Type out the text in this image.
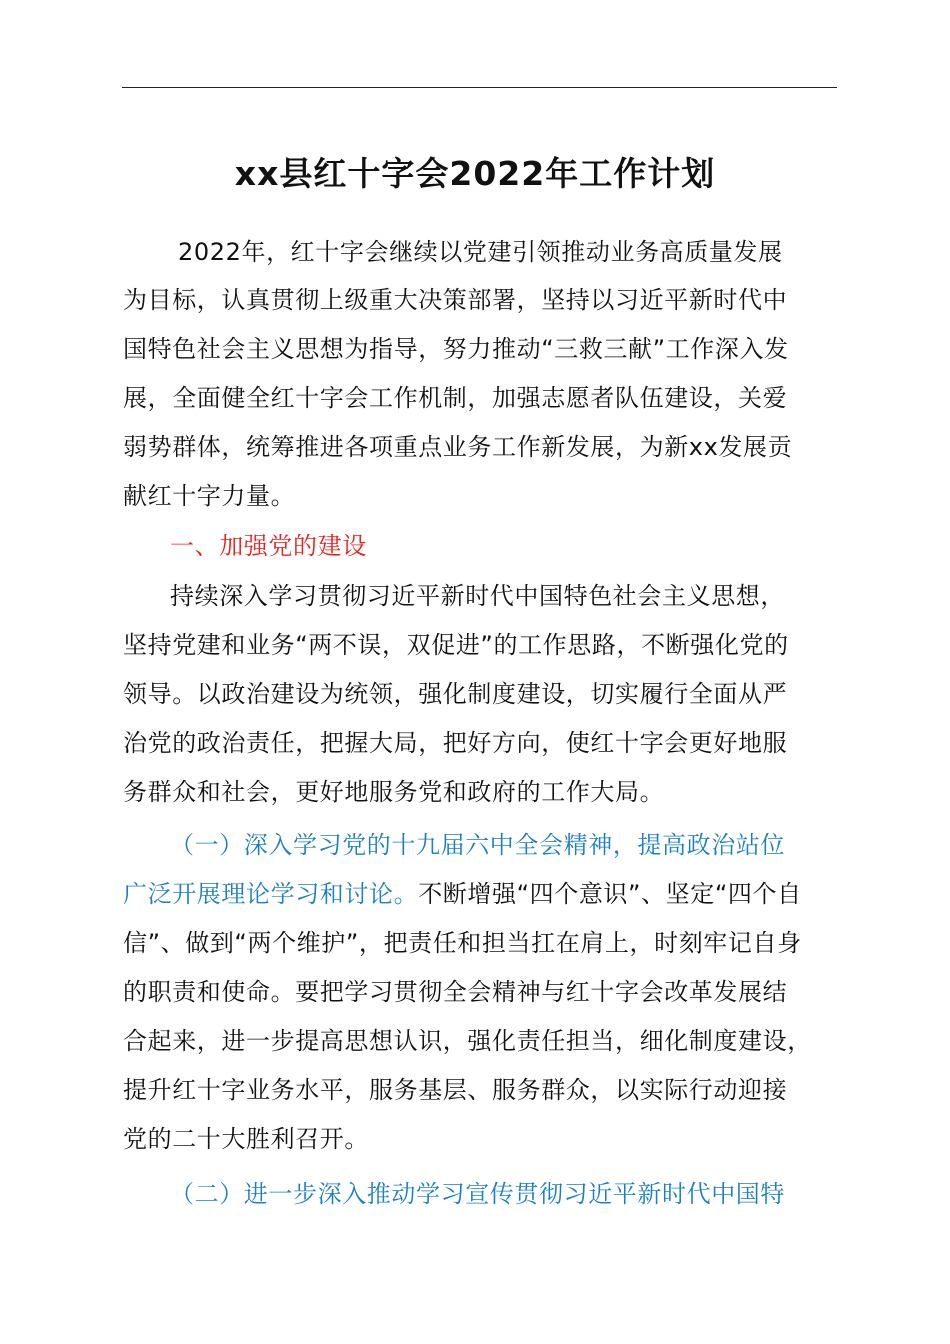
xx县红十字会2022年工作计划

2022年，红十字会继续以党建引领推动业务高质量发展

为目标，认真贯彻上级重大决策部署，坚持以习近平新时代中

国特色社会主义思想为指导，努力推动“三救三献”工作深入发

展，全面健全红十字会工作机制，加强志愿者队伍建设，关爱

弱势群体，统筹推进各项重点业务工作新发展，为新xx发展贡

献红十字力量。

一、加强党的建设

持续深入学习贯彻习近平新时代中国特色社会主义思想，

坚持党建和业务“两不误，双促进”的工作思路，不断强化党的

领导。以政治建设为统领，强化制度建设，切实履行全面从严

治党的政治责任，把握大局，把好方向，使红十字会更好地服

务群众和社会，更好地服务党和政府的工作大局。

（一）深入学习党的十九届六中全会精神，提高政治站位

广泛开展理论学习和讨论。不断增强“四个意识”、坚定“四个自

信”、做到“两个维护”，把责任和担当扛在肩上，时刻牢记自身

的职责和使命。要把学习贯彻全会精神与红十字会改革发展结

合起来，进一步提高思想认识，强化责任担当，细化制度建设，

提升红十字业务水平，服务基层、服务群众，以实际行动迎接

党的二十大胜利召开。

（二）进一步深入推动学习宣传贯彻习近平新时代中国特
